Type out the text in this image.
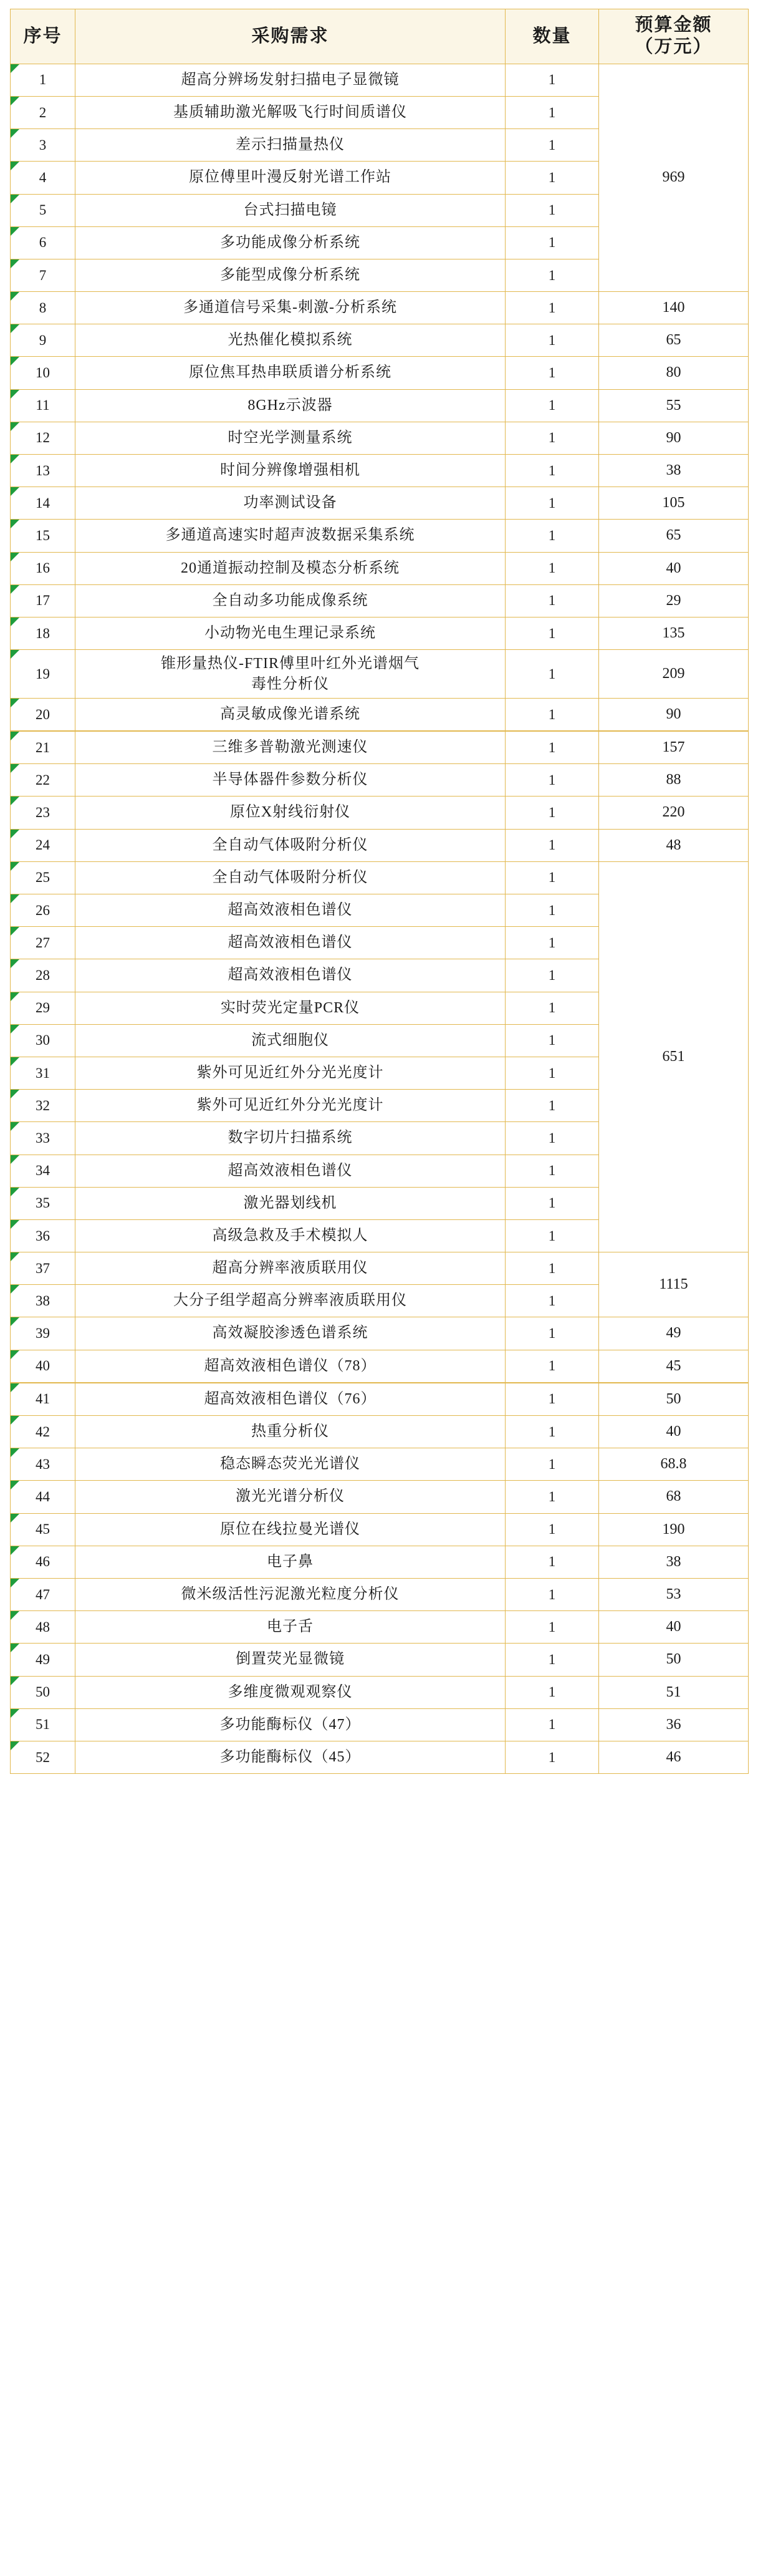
序号	采购需求	数量	预算金额
（万元）

1	超高分辨场发射扫描电子显微镜	1	969

2	基质辅助激光解吸飞行时间质谱仪	1	

3	差示扫描量热仪	1	

4	原位傅里叶漫反射光谱工作站	1	

5	台式扫描电镜	1	

6	多功能成像分析系统	1	

7	多能型成像分析系统	1	

8	多通道信号采集-刺激-分析系统	1	140

9	光热催化模拟系统	1	65

10	原位焦耳热串联质谱分析系统	1	80

11	8GHz示波器	1	55

12	时空光学测量系统	1	90

13	时间分辨像增强相机	1	38

14	功率测试设备	1	105

15	多通道高速实时超声波数据采集系统	1	65

16	20通道振动控制及模态分析系统	1	40

17	全自动多功能成像系统	1	29

18	小动物光电生理记录系统	1	135

19	锥形量热仪-FTIR傅里叶红外光谱烟气
毒性分析仪	1	209

20	高灵敏成像光谱系统	1	90

21	三维多普勒激光测速仪	1	157

22	半导体器件参数分析仪	1	88

23	原位X射线衍射仪	1	220

24	全自动气体吸附分析仪	1	48

25	全自动气体吸附分析仪	1	651

26	超高效液相色谱仪	1	

27	超高效液相色谱仪	1	

28	超高效液相色谱仪	1	

29	实时荧光定量PCR仪	1	

30	流式细胞仪	1	

31	紫外可见近红外分光光度计	1	

32	紫外可见近红外分光光度计	1	

33	数字切片扫描系统	1	

34	超高效液相色谱仪	1	

35	激光器划线机	1	

36	高级急救及手术模拟人	1	

37	超高分辨率液质联用仪	1	1115

38	大分子组学超高分辨率液质联用仪	1	

39	高效凝胶渗透色谱系统	1	49

40	超高效液相色谱仪（78）	1	45

41	超高效液相色谱仪（76）	1	50

42	热重分析仪	1	40

43	稳态瞬态荧光光谱仪	1	68.8

44	激光光谱分析仪	1	68

45	原位在线拉曼光谱仪	1	190

46	电子鼻	1	38

47	微米级活性污泥激光粒度分析仪	1	53

48	电子舌	1	40

49	倒置荧光显微镜	1	50

50	多维度微观观察仪	1	51

51	多功能酶标仪（47）	1	36

52	多功能酶标仪（45）	1	46
